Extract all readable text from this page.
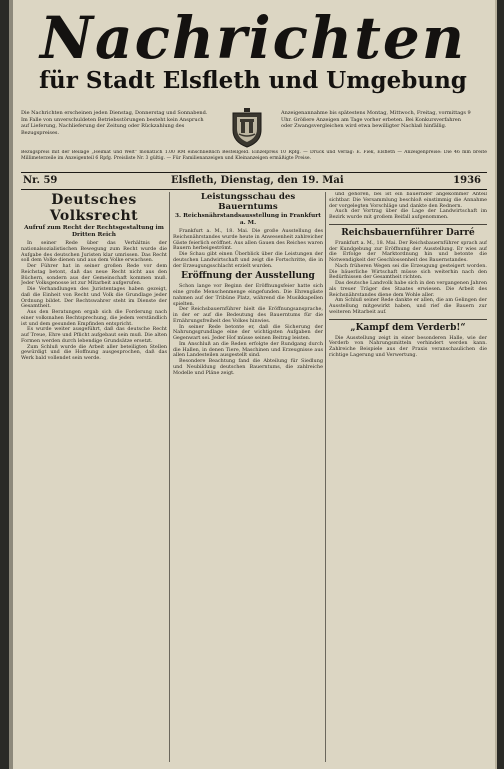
Nachrichten
für Stadt Elsfleth und Umgebung
Die Nachrichten erscheinen jeden Dienstag, Donnerstag und Sonnabend. Im Falle von unverschuldeten Betriebsstörungen besteht kein Anspruch auf Lieferung, Nachlieferung der Zeitung oder Rückzahlung des Bezugspreises.
Anzeigenannahme bis spätestens Montag, Mittwoch, Freitag, vormittags 9 Uhr. Größere Anzeigen am Tage vorher erbeten. Bei Konkursverfahren oder Zwangsvergleichen wird etwa bewilligter Nachlaß hinfällig.
Bezugspreis mit der Beilage „Heimat und Welt“ monatlich 1.00 RM einschließlich Bestellgeld. Einzelpreis 10 Rpfg. — Druck und Verlag: E. Fiek, Elsfleth — Anzeigenpreise: Die 46 mm breite Millimeterzeile im Anzeigenteil 6 Rpfg. Preisliste Nr. 3 gültig. — Für Familienanzeigen und Kleinanzeigen ermäßigte Preise.
Nr. 59	Elsfleth, Dienstag, den 19. Mai	1936
Deutsches Volksrecht
Aufruf zum Recht der Rechtsgestaltung im Dritten Reich

In seiner Rede über das Verhältnis der nationalsozialistischen Bewegung zum Recht wurde die Aufgabe des deutschen Juristen klar umrissen. Das Recht soll dem Volke dienen und aus dem Volke erwachsen.

Der Führer hat in seiner großen Rede vor dem Reichstag betont, daß das neue Recht nicht aus den Büchern, sondern aus der Gemeinschaft kommen muß. Jeder Volksgenosse ist zur Mitarbeit aufgerufen.

Die Verhandlungen des Juristentages haben gezeigt, daß die Einheit von Recht und Volk die Grundlage jeder Ordnung bildet. Der Rechtswahrer steht im Dienste der Gesamtheit.

Aus den Beratungen ergab sich die Forderung nach einer volksnahen Rechtsprechung, die jedem verständlich ist und dem gesunden Empfinden entspricht.

Es wurde weiter ausgeführt, daß das deutsche Recht auf Treue, Ehre und Pflicht aufgebaut sein muß. Die alten Formen werden durch lebendige Grundsätze ersetzt.

Zum Schluß wurde die Arbeit aller beteiligten Stellen gewürdigt und die Hoffnung ausgesprochen, daß das Werk bald vollendet sein werde.

Leistungsschau des Bauerntums
3. Reichsnährstandsausstellung in Frankfurt a. M.

Frankfurt a. M., 18. Mai. Die große Ausstellung des Reichsnährstandes wurde heute in Anwesenheit zahlreicher Gäste feierlich eröffnet. Aus allen Gauen des Reiches waren Bauern herbeigeströmt.

Die Schau gibt einen Überblick über die Leistungen der deutschen Landwirtschaft und zeigt die Fortschritte, die in der Erzeugungsschlacht erzielt wurden.

Eröffnung der Ausstellung

Schon lange vor Beginn der Eröffnungsfeier hatte sich eine große Menschenmenge eingefunden. Die Ehrengäste nahmen auf der Tribüne Platz, während die Musikkapellen spielten.

Der Reichsbauernführer hielt die Eröffnungsansprache, in der er auf die Bedeutung des Bauerntums für die Ernährungsfreiheit des Volkes hinwies.

In seiner Rede betonte er, daß die Sicherung der Nahrungsgrundlage eine der wichtigsten Aufgaben der Gegenwart sei. Jeder Hof müsse seinen Beitrag leisten.

Im Anschluß an die Reden erfolgte der Rundgang durch die Hallen, in denen Tiere, Maschinen und Erzeugnisse aus allen Landesteilen ausgestellt sind.

Besondere Beachtung fand die Abteilung für Siedlung und Neubildung deutschen Bauerntums, die zahlreiche Modelle und Pläne zeigt.

und gehören, bei ist ein bauernder angekommer Anteil sichtbar. Die Versammlung beschloß einstimmig die Annahme der vorgelegten Vorschläge und dankte den Rednern.

Auch der Vortrag über die Lage der Landwirtschaft im Bezirk wurde mit großem Beifall aufgenommen.

Reichsbauernführer Darré

Frankfurt a. M., 18. Mai. Der Reichsbauernführer sprach auf der Kundgebung zur Eröffnung der Ausstellung. Er wies auf die Erfolge der Marktordnung hin und betonte die Notwendigkeit der Geschlossenheit des Bauernstandes.

Nach früheren Wegen sei die Erzeugung gesteigert worden. Die bäuerliche Wirtschaft müsse sich weiterhin nach den Bedürfnissen der Gesamtheit richten.

Das deutsche Landvolk habe sich in den vergangenen Jahren als treuer Träger des Staates erwiesen. Die Arbeit des Reichsnährstandes diene dem Wohle aller.

Am Schluß seiner Rede dankte er allen, die am Gelingen der Ausstellung mitgewirkt haben, und rief die Bauern zur weiteren Mitarbeit auf.

„Kampf dem Verderb!“

Die Ausstellung zeigt in einer besonderen Halle, wie der Verderb von Nahrungsmitteln verhindert werden kann. Zahlreiche Beispiele aus der Praxis veranschaulichen die richtige Lagerung und Verwertung.
